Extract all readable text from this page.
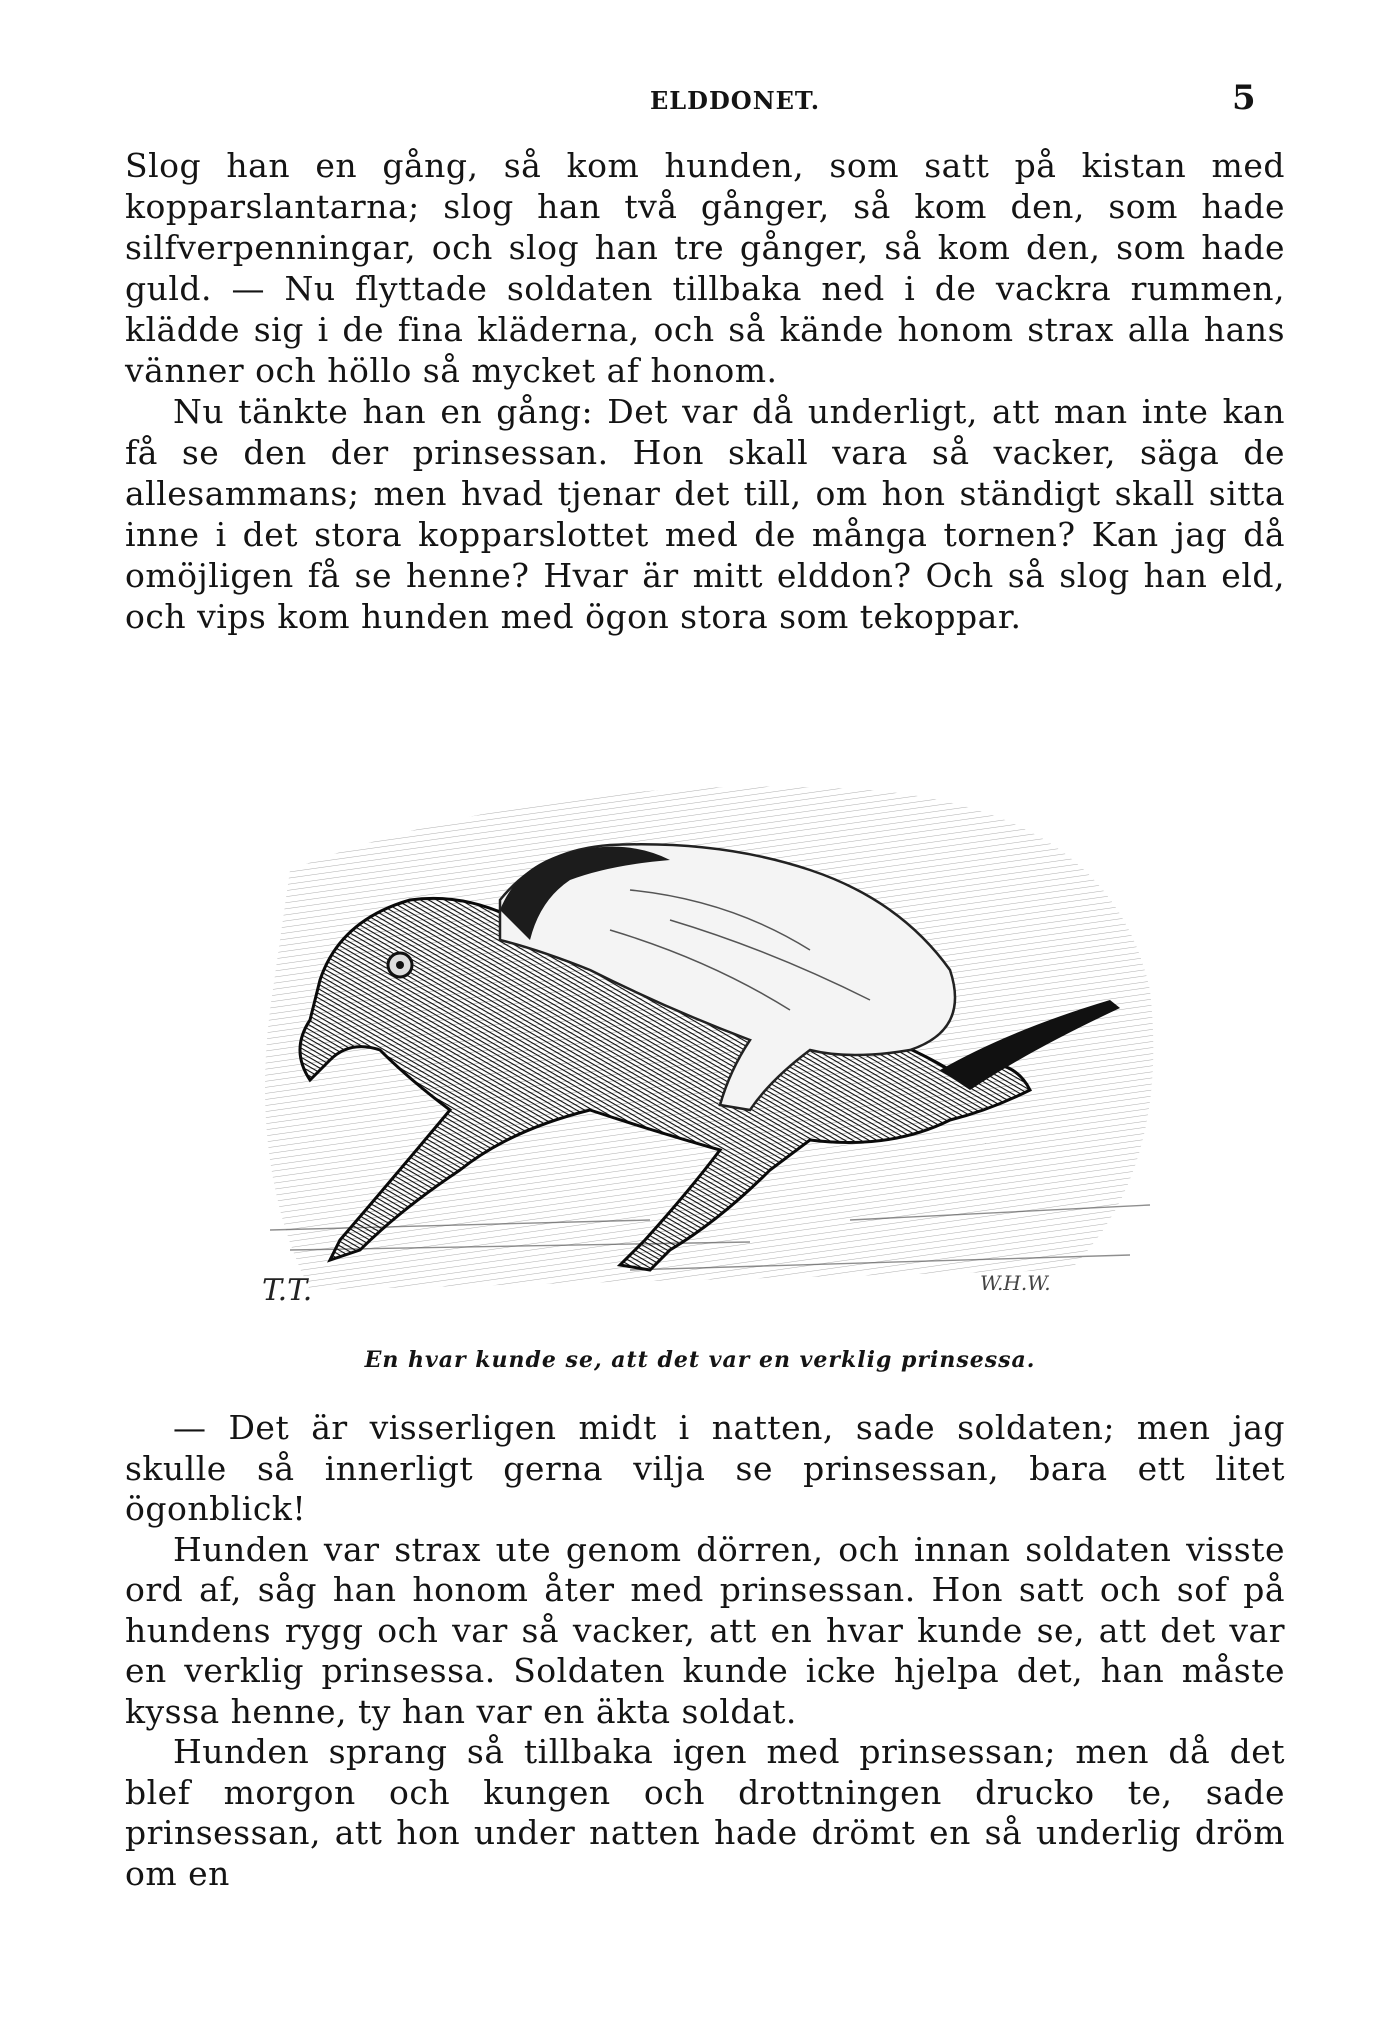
ELDDONET.	5

Slog han en gång, så kom hunden, som satt på kistan med kopparslantarna; slog han två gånger, så kom den, som hade silfverpenningar, och slog han tre gånger, så kom den, som hade guld. — Nu flyttade soldaten tillbaka ned i de vackra rummen, klädde sig i de fina kläderna, och så kände honom strax alla hans vänner och höllo så mycket af honom.

Nu tänkte han en gång: Det var då underligt, att man inte kan få se den der prinsessan. Hon skall vara så vacker, säga de allesammans; men hvad tjenar det till, om hon ständigt skall sitta inne i det stora kopparslottet med de många tornen? Kan jag då omöjligen få se henne? Hvar är mitt elddon? Och så slog han eld, och vips kom hunden med ögon stora som tekoppar.

T.T.	W.H.W.
En hvar kunde se, att det var en verklig prinsessa.

— Det är visserligen midt i natten, sade soldaten; men jag skulle så innerligt gerna vilja se prinsessan, bara ett litet ögonblick!

Hunden var strax ute genom dörren, och innan soldaten visste ord af, såg han honom åter med prinsessan. Hon satt och sof på hundens rygg och var så vacker, att en hvar kunde se, att det var en verklig prinsessa. Soldaten kunde icke hjelpa det, han måste kyssa henne, ty han var en äkta soldat.

Hunden sprang så tillbaka igen med prinsessan; men då det blef morgon och kungen och drottningen drucko te, sade prinsessan, att hon under natten hade drömt en så underlig dröm om en
